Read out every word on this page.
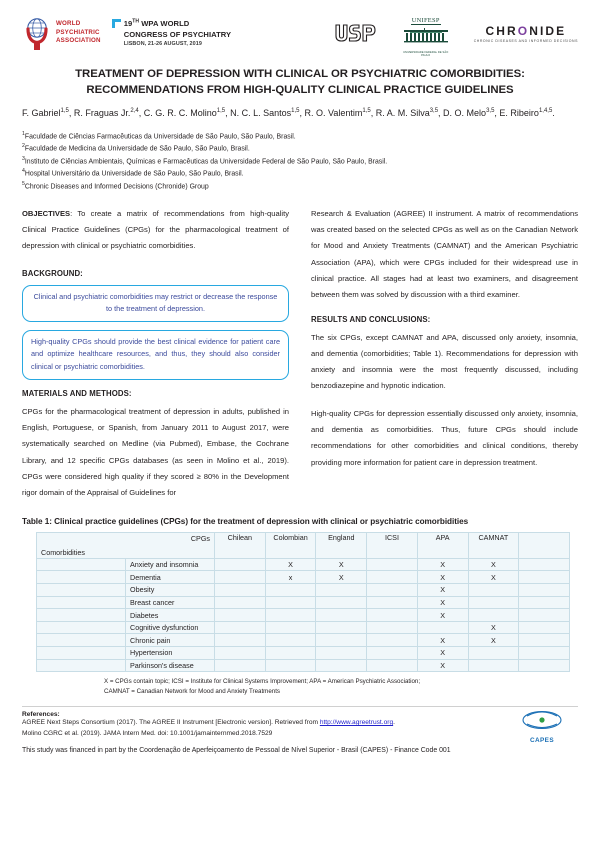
WORLD
PSYCHIATRIC
ASSOCIATION
19TH WPA WORLD
CONGRESS OF PSYCHIATRY
LISBON, 21-26 AUGUST, 2019
UNIFESP
UNIVERSIDADE FEDERAL DE SÃO PAULO
CHRONIDE
CHRONIC DISEASES AND INFORMED DECISIONS
TREATMENT OF DEPRESSION WITH CLINICAL OR PSYCHIATRIC COMORBIDITIES: RECOMMENDATIONS FROM HIGH-QUALITY CLINICAL PRACTICE GUIDELINES
F. Gabriel$^{1,5}$, R. Fraguas Jr.$^{2,4}$, C. G. R. C. Molino$^{1,5}$, N. C. L. Santos$^{1,5}$, R. O. Valentim$^{1,5}$, R. A. M. Silva$^{3,5}$, D. O. Melo$^{3,5}$, E. Ribeiro$^{1,4,5}$.
$^1$Faculdade de Ciências Farmacêuticas da Universidade de São Paulo, São Paulo, Brasil.
$^2$Faculdade de Medicina da Universidade de São Paulo, São Paulo, Brasil.
$^3$Instituto de Ciências Ambientais, Químicas e Farmacêuticas da Universidade Federal de São Paulo, São Paulo, Brasil.
$^4$Hospital Universitário da Universidade de São Paulo, São Paulo, Brasil.
$^5$Chronic Diseases and Informed Decisions (Chronide) Group

OBJECTIVES: To create a matrix of recommendations from high-quality Clinical Practice Guidelines (CPGs) for the pharmacological treatment of depression with clinical or psychiatric comorbidities.

BACKGROUND:
Clinical and psychiatric comorbidities may restrict or decrease the response to the treatment of depression.
High-quality CPGs should provide the best clinical evidence for patient care and optimize healthcare resources, and thus, they should also consider clinical or psychiatric comorbidities.
MATERIALS AND METHODS:

CPGs for the pharmacological treatment of depression in adults, published in English, Portuguese, or Spanish, from January 2011 to August 2017, were systematically searched on Medline (via Pubmed), Embase, the Cochrane Library, and 12 specific CPGs databases (as seen in Molino et al., 2019). CPGs were considered high quality if they scored ≥ 80% in the Development rigor domain of the Appraisal of Guidelines for

Research & Evaluation (AGREE) II instrument. A matrix of recommendations was created based on the selected CPGs as well as on the Canadian Network for Mood and Anxiety Treatments (CAMNAT) and the American Psychiatric Association (APA), which were CPGs included for their widespread use in clinical practice. All stages had at least two examiners, and disagreement between them was solved by discussion with a third examiner.

RESULTS AND CONCLUSIONS:

The six CPGs, except CAMNAT and APA, discussed only anxiety, insomnia, and dementia (comorbidities; Table 1). Recommendations for depression with anxiety and insomnia were the most frequently discussed, including benzodiazepine and hypnotic indication.

High-quality CPGs for depression essentially discussed only anxiety, insomnia, and dementia as comorbidities. Thus, future CPGs should include recommendations for other comorbidities and clinical conditions, thereby providing more information for patient care in depression treatment.

Table 1: Clinical practice guidelines (CPGs) for the treatment of depression with clinical or psychiatric comorbidities
CPGs
Comorbidities		Chilean	Colombian	England	ICSI	APA	CAMNAT	
	Anxiety and insomnia		X	X		X	X	
	Dementia		x	X		X	X	
	Obesity					X		
	Breast cancer					X		
	Diabetes					X		
	Cognitive dysfunction						X	
	Chronic pain					X	X	
	Hypertension					X		
	Parkinson's disease					X		
X = CPGs contain topic; ICSI = Institute for Clinical Systems Improvement; APA = American Psychiatric Association;
CAMNAT = Canadian Network for Mood and Anxiety Treatments
References:
AGREE Next Steps Consortium (2017). The AGREE II Instrument [Electronic version]. Retrieved from http://www.agreetrust.org.
Molino CGRC et al. (2019). JAMA Intern Med. doi: 10.1001/jamainternmed.2018.7529
This study was financed in part by the Coordenação de Aperfeiçoamento de Pessoal de Nível Superior - Brasil (CAPES) - Finance Code 001
CAPES
